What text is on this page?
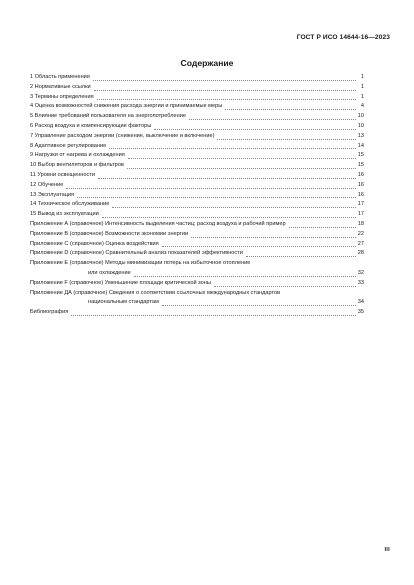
ГОСТ Р ИСО 14644-16—2023
Содержание
1 Область применения	1
2 Нормативные ссылки	1
3 Термины определения	1
4 Оценка возможностей снижения расхода энергии и принимаемые меры	4
5 Влияние требований пользователя на энергопотребление	10
6 Расход воздуха и компенсирующие факторы	10
7 Управление расходом энергии (снижение, выключение и включение)	13
8 Адаптивное регулирование	14
9 Нагрузки от нагрева и охлаждения	15
10 Выбор вентиляторов и фильтров	15
11 Уровни освещенности	16
12 Обучение	16
13 Эксплуатация	16
14 Техническое обслуживание	17
15 Вывод из эксплуатации	17
Приложение А (справочное) Интенсивность выделения частиц; расход воздуха и рабочий пример	18
Приложение В (справочное) Возможности экономии энергии	22
Приложение С (справочное) Оценка воздействия	27
Приложение D (справочное) Сравнительный анализ показателей эффективности	28
Приложение Е (справочное) Методы минимизации потерь на избыточное отопление
или охлаждение	32
Приложение F (справочное) Уменьшение площади критической зоны	33
Приложение ДА (справочное) Сведения о соответствии ссылочных международных стандартов
национальным стандартам	34
Библиография	35
III
